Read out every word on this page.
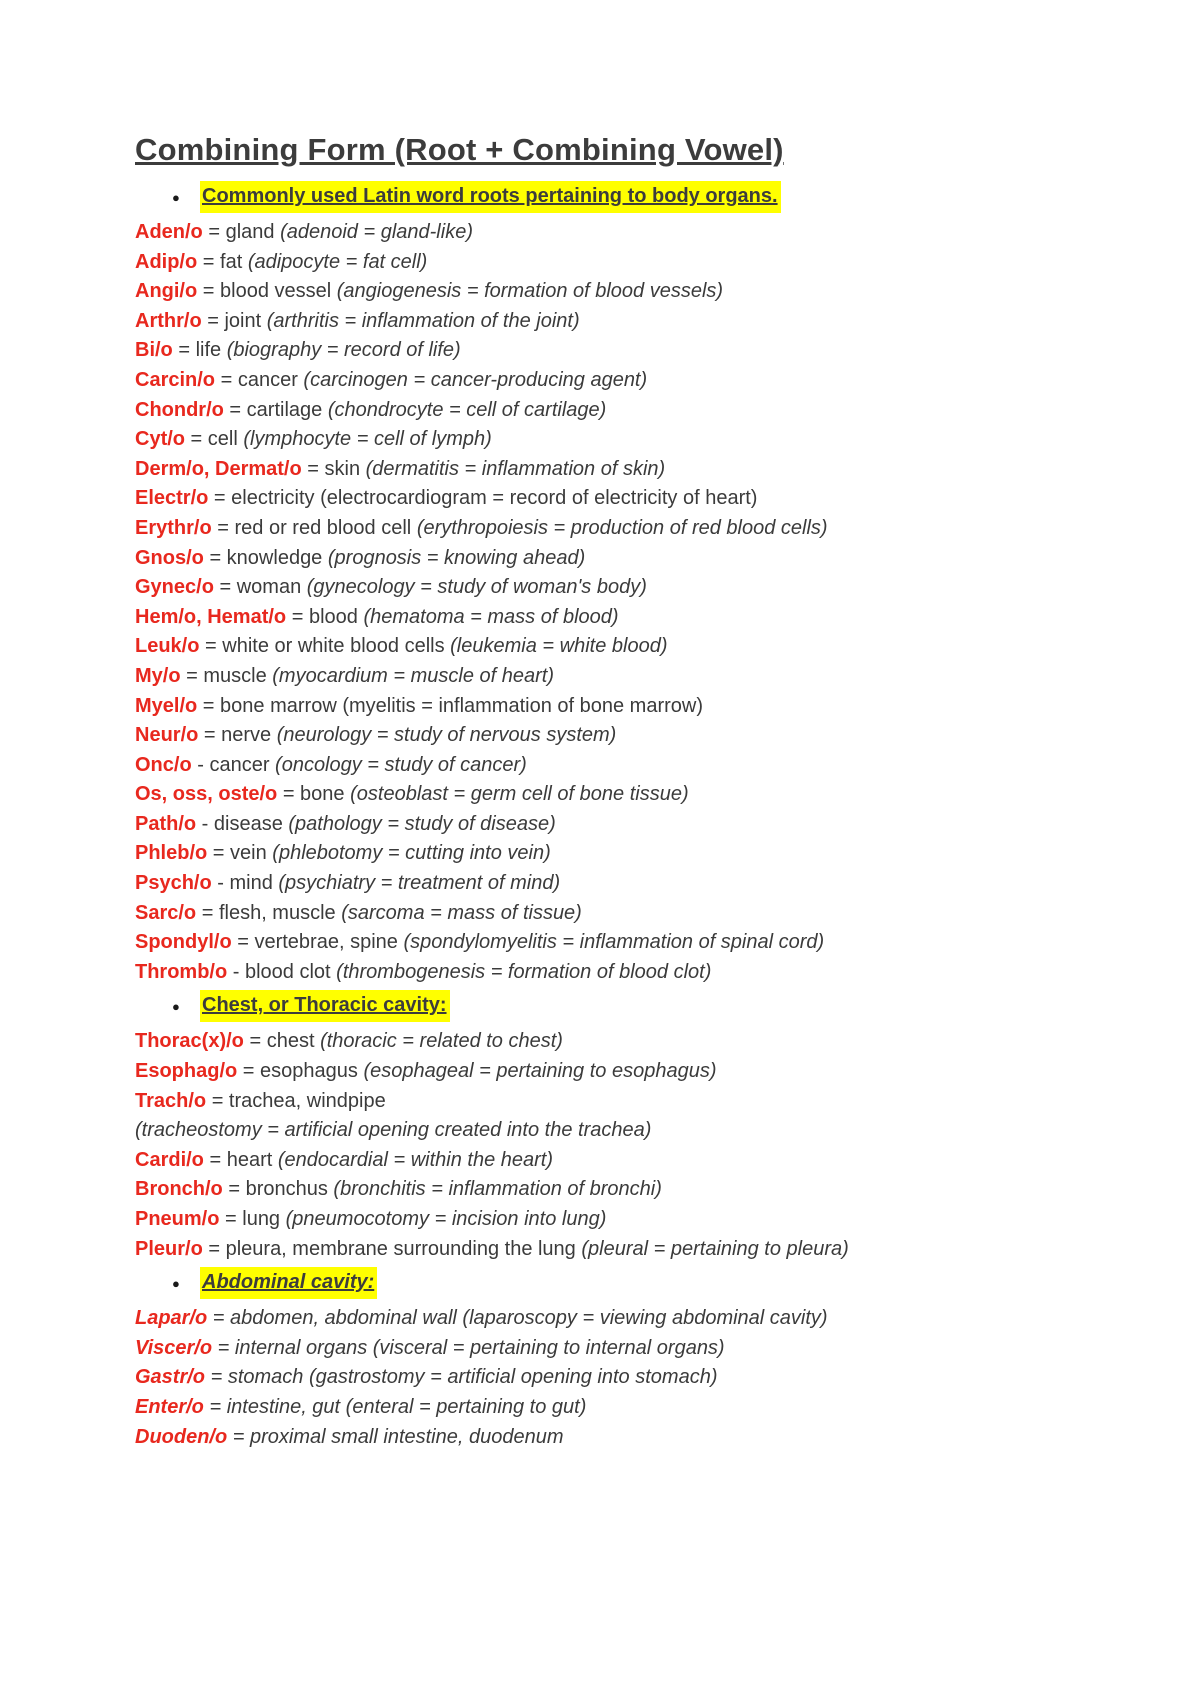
Combining Form (Root + Combining Vowel)
●	Commonly used Latin word roots pertaining to body organs.
Aden/o = gland (adenoid = gland-like)
Adip/o = fat (adipocyte = fat cell)
Angi/o = blood vessel (angiogenesis = formation of blood vessels)
Arthr/o = joint (arthritis = inflammation of the joint)
Bi/o = life (biography = record of life)
Carcin/o = cancer (carcinogen = cancer-producing agent)
Chondr/o = cartilage (chondrocyte = cell of cartilage)
Cyt/o = cell (lymphocyte = cell of lymph)
Derm/o, Dermat/o = skin (dermatitis = inflammation of skin)
Electr/o = electricity (electrocardiogram = record of electricity of heart)
Erythr/o = red or red blood cell (erythropoiesis = production of red blood cells)
Gnos/o = knowledge (prognosis = knowing ahead)
Gynec/o = woman (gynecology = study of woman's body)
Hem/o, Hemat/o = blood (hematoma = mass of blood)
Leuk/o = white or white blood cells (leukemia = white blood)
My/o = muscle (myocardium = muscle of heart)
Myel/o = bone marrow (myelitis = inflammation of bone marrow)
Neur/o = nerve (neurology = study of nervous system)
Onc/o - cancer (oncology = study of cancer)
Os, oss, oste/o = bone (osteoblast = germ cell of bone tissue)
Path/o - disease (pathology = study of disease)
Phleb/o = vein (phlebotomy = cutting into vein)
Psych/o - mind (psychiatry = treatment of mind)
Sarc/o = flesh, muscle (sarcoma = mass of tissue)
Spondyl/o = vertebrae, spine (spondylomyelitis = inflammation of spinal cord)
Thromb/o - blood clot (thrombogenesis = formation of blood clot)
●	Chest, or Thoracic cavity:
Thorac(x)/o = chest (thoracic = related to chest)
Esophag/o = esophagus (esophageal = pertaining to esophagus)
Trach/o = trachea, windpipe
(tracheostomy = artificial opening created into the trachea)
Cardi/o = heart (endocardial = within the heart)
Bronch/o = bronchus (bronchitis = inflammation of bronchi)
Pneum/o = lung (pneumocotomy = incision into lung)
Pleur/o = pleura, membrane surrounding the lung (pleural = pertaining to pleura)
●	Abdominal cavity:
Lapar/o = abdomen, abdominal wall (laparoscopy = viewing abdominal cavity)
Viscer/o = internal organs (visceral = pertaining to internal organs)
Gastr/o = stomach (gastrostomy = artificial opening into stomach)
Enter/o = intestine, gut (enteral = pertaining to gut)
Duoden/o = proximal small intestine, duodenum
